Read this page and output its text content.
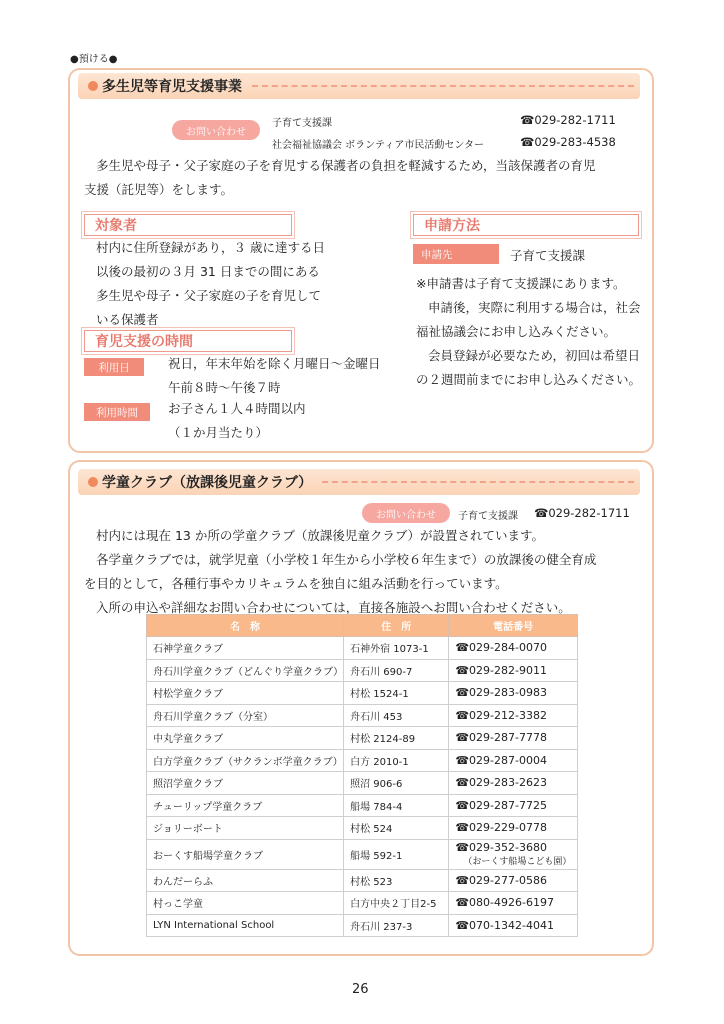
●預ける●
多生児等育児支援事業
お問い合わせ
子育て支援課	☎029-282-1711
社会福祉協議会 ボランティア市民活動センター	☎029-283-4538
多生児や母子・父子家庭の子を育児する保護者の負担を軽減するため，当該保護者の育児
支援（託児等）をします。
対象者
村内に住所登録があり，３ 歳に達する日
以後の最初の３月 31 日までの間にある
多生児や母子・父子家庭の子を育児して
いる保護者
育児支援の時間
利用日	祝日，年末年始を除く月曜日～金曜日
午前８時～午後７時
利用時間	お子さん１人４時間以内
（１か月当たり）
申請方法
申請先	子育て支援課
※申請書は子育て支援課にあります。
申請後，実際に利用する場合は，社会
福祉協議会にお申し込みください。
会員登録が必要なため，初回は希望日
の２週間前までにお申し込みください。
学童クラブ（放課後児童クラブ）
お問い合わせ	子育て支援課 ☎029-282-1711
村内には現在 13 か所の学童クラブ（放課後児童クラブ）が設置されています。
各学童クラブでは，就学児童（小学校１年生から小学校６年生まで）の放課後の健全育成
を目的として，各種行事やカリキュラムを独自に組み活動を行っています。
入所の申込や詳細なお問い合わせについては，直接各施設へお問い合わせください。
名　称	住　所	電話番号
石神学童クラブ	石神外宿 1073-1	☎029-284-0070
舟石川学童クラブ（どんぐり学童クラブ）	舟石川 690-7	☎029-282-9011
村松学童クラブ	村松 1524-1	☎029-283-0983
舟石川学童クラブ（分室）	舟石川 453	☎029-212-3382
中丸学童クラブ	村松 2124-89	☎029-287-7778
白方学童クラブ（サクランボ学童クラブ）	白方 2010-1	☎029-287-0004
照沼学童クラブ	照沼 906-6	☎029-283-2623
チューリップ学童クラブ	船場 784-4	☎029-287-7725
ジョリーボート	村松 524	☎029-229-0778
おーくす船場学童クラブ	船場 592-1	☎029-352-3680
（おーくす船場こども園）

わんだーらふ	村松 523	☎029-277-0586
村っこ学童	白方中央２丁目2-5	☎080-4926-6197
LYN International School	舟石川 237-3	☎070-1342-4041
26
